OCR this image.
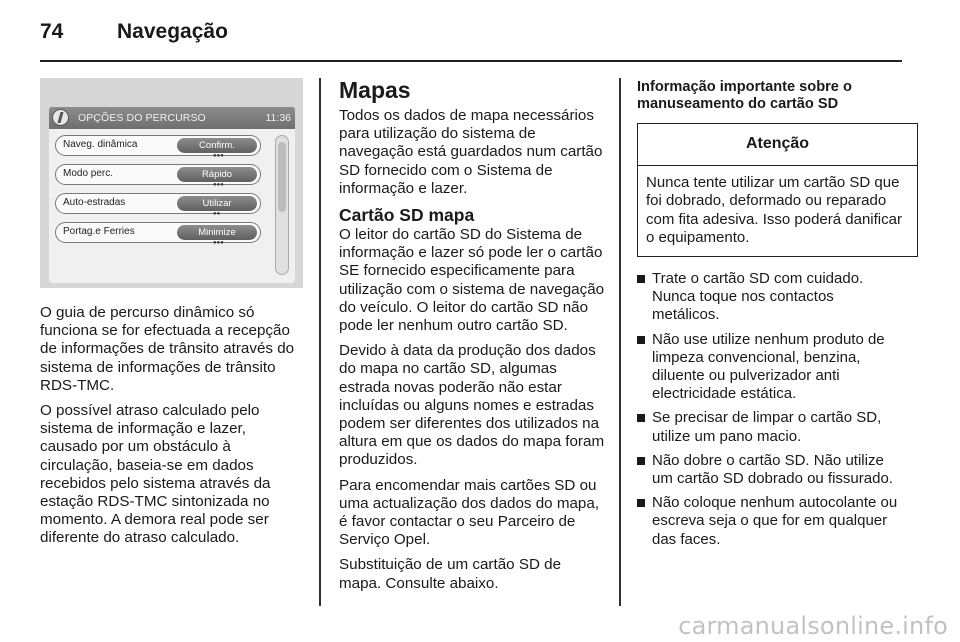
74	Navegação
OPÇÕES DO PERCURSO	11:36
Naveg. dinâmica	Confirm.
●●●
Modo perc.	Rápido
●●●
Auto-estradas	Utilizar
●●
Portag.e Ferries	Minimize
●●●

O guia de percurso dinâmico só funciona se for efectuada a recepção de informações de trânsito através do sistema de informações de trânsito RDS-TMC.

O possível atraso calculado pelo sistema de informação e lazer, causado por um obstáculo à circulação, baseia-se em dados recebidos pelo sistema através da estação RDS-TMC sintonizada no momento. A demora real pode ser diferente do atraso calculado.

Mapas

Todos os dados de mapa necessários para utilização do sistema de navegação está guardados num cartão SD fornecido com o Sistema de informação e lazer.

Cartão SD mapa

O leitor do cartão SD do Sistema de informação e lazer só pode ler o cartão SE fornecido especificamente para utilização com o sistema de navegação do veículo. O leitor do cartão SD não pode ler nenhum outro cartão SD.

Devido à data da produção dos dados do mapa no cartão SD, algumas estrada novas poderão não estar incluídas ou alguns nomes e estradas podem ser diferentes dos utilizados na altura em que os dados do mapa foram produzidos.

Para encomendar mais cartões SD ou uma actualização dos dados do mapa, é favor contactar o seu Parceiro de Serviço Opel.

Substituição de um cartão SD de mapa. Consulte abaixo.

Informação importante sobre o manuseamento do cartão SD
Atenção
Nunca tente utilizar um cartão SD que foi dobrado, deformado ou reparado com fita adesiva. Isso poderá danificar o equipamento.
Trate o cartão SD com cuidado. Nunca toque nos contactos metálicos.
Não use utilize nenhum produto de limpeza convencional, benzina, diluente ou pulverizador anti electricidade estática.
Se precisar de limpar o cartão SD, utilize um pano macio.
Não dobre o cartão SD. Não utilize um cartão SD dobrado ou fissurado.
Não coloque nenhum autocolante ou escreva seja o que for em qualquer das faces.
carmanualsonline.info
